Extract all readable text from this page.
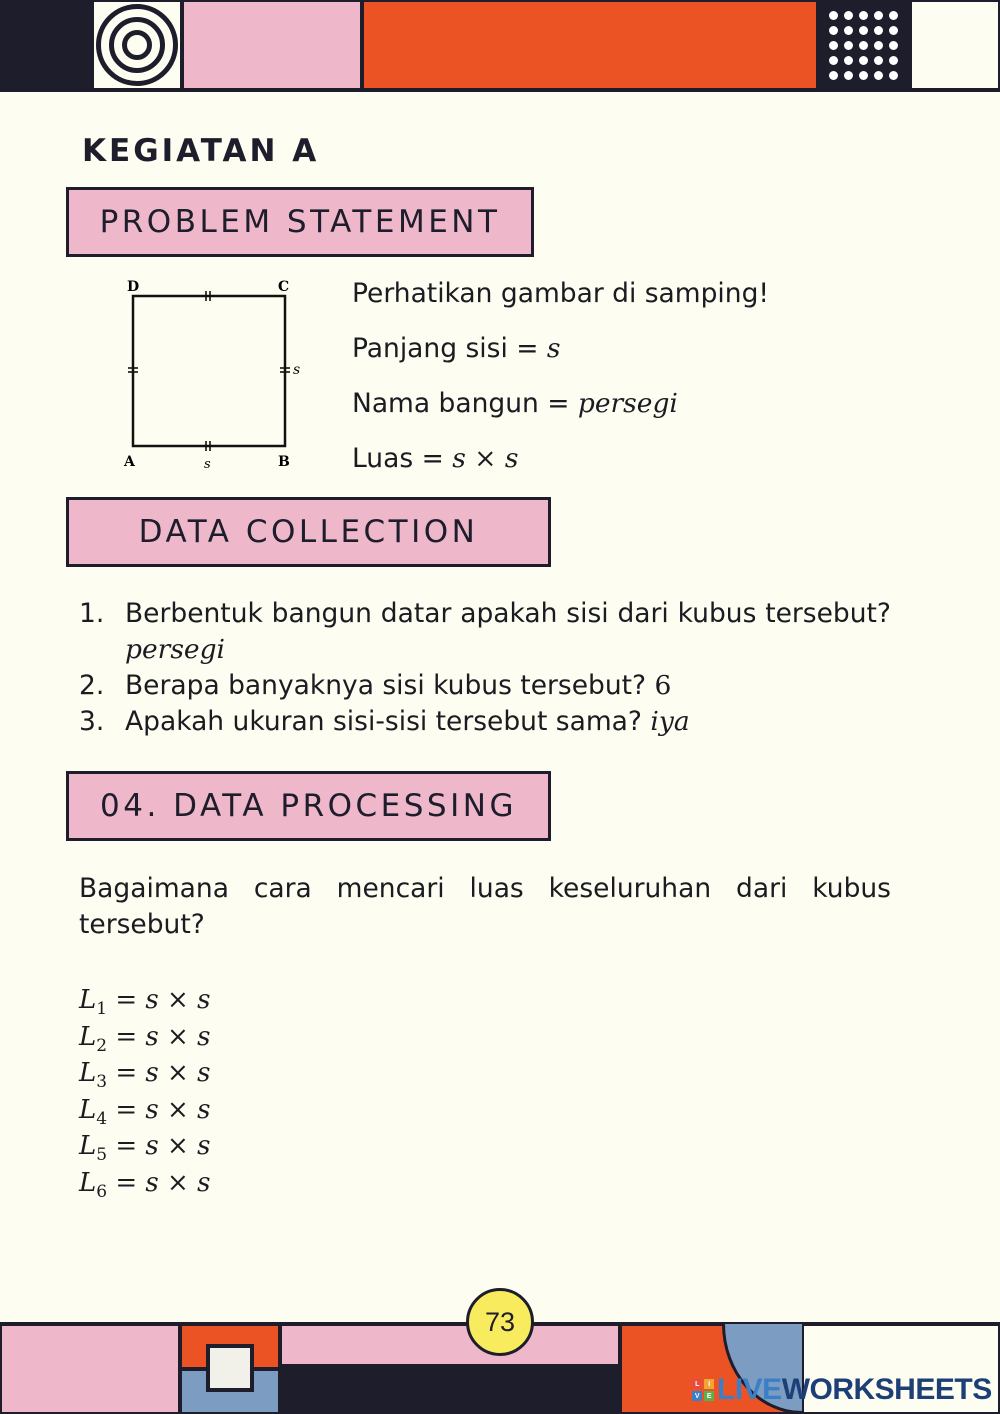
KEGIATAN A
PROBLEM STATEMENT
D	C
A	B
s
s
Perhatikan gambar di samping!
Panjang sisi = s
Nama bangun = persegi
Luas = s × s
DATA COLLECTION
1. Berbentuk bangun datar apakah sisi dari kubus tersebut? persegi
2. Berapa banyaknya sisi kubus tersebut? 6
3. Apakah ukuran sisi-sisi tersebut sama? iya
04. DATA PROCESSING
Bagaimana cara mencari luas keseluruhan dari kubus tersebut?
$L_1 = s \times s$
$L_2 = s \times s$
$L_3 = s \times s$
$L_4 = s \times s$
$L_5 = s \times s$
$L_6 = s \times s$
73
L	I
V	E LIVE WORKSHEETS
